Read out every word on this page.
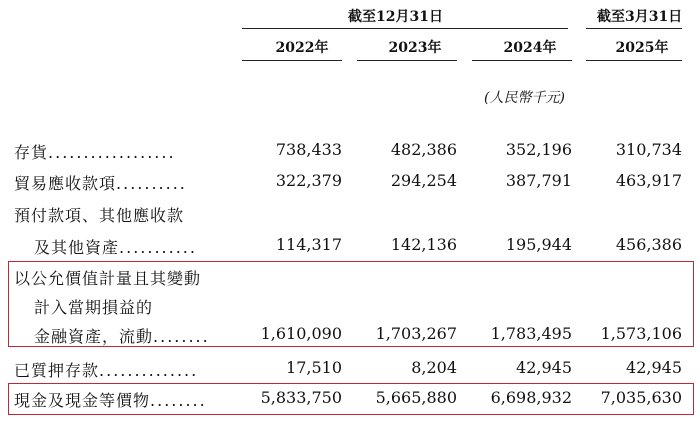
截至12月31日	截至3月31日
2022年	2023年	2024年	2025年
(人民幣千元)
存貨..................	738,433	482,386	352,196	310,734
貿易應收款項..........	322,379	294,254	387,791	463,917
預付款項、其他應收款
及其他資產...........	114,317	142,136	195,944	456,386
以公允價值計量且其變動
計入當期損益的
金融資產，流動........	1,610,090	1,703,267	1,783,495	1,573,106
已質押存款..............	17,510	8,204	42,945	42,945
現金及現金等價物........	5,833,750	5,665,880	6,698,932	7,035,630
